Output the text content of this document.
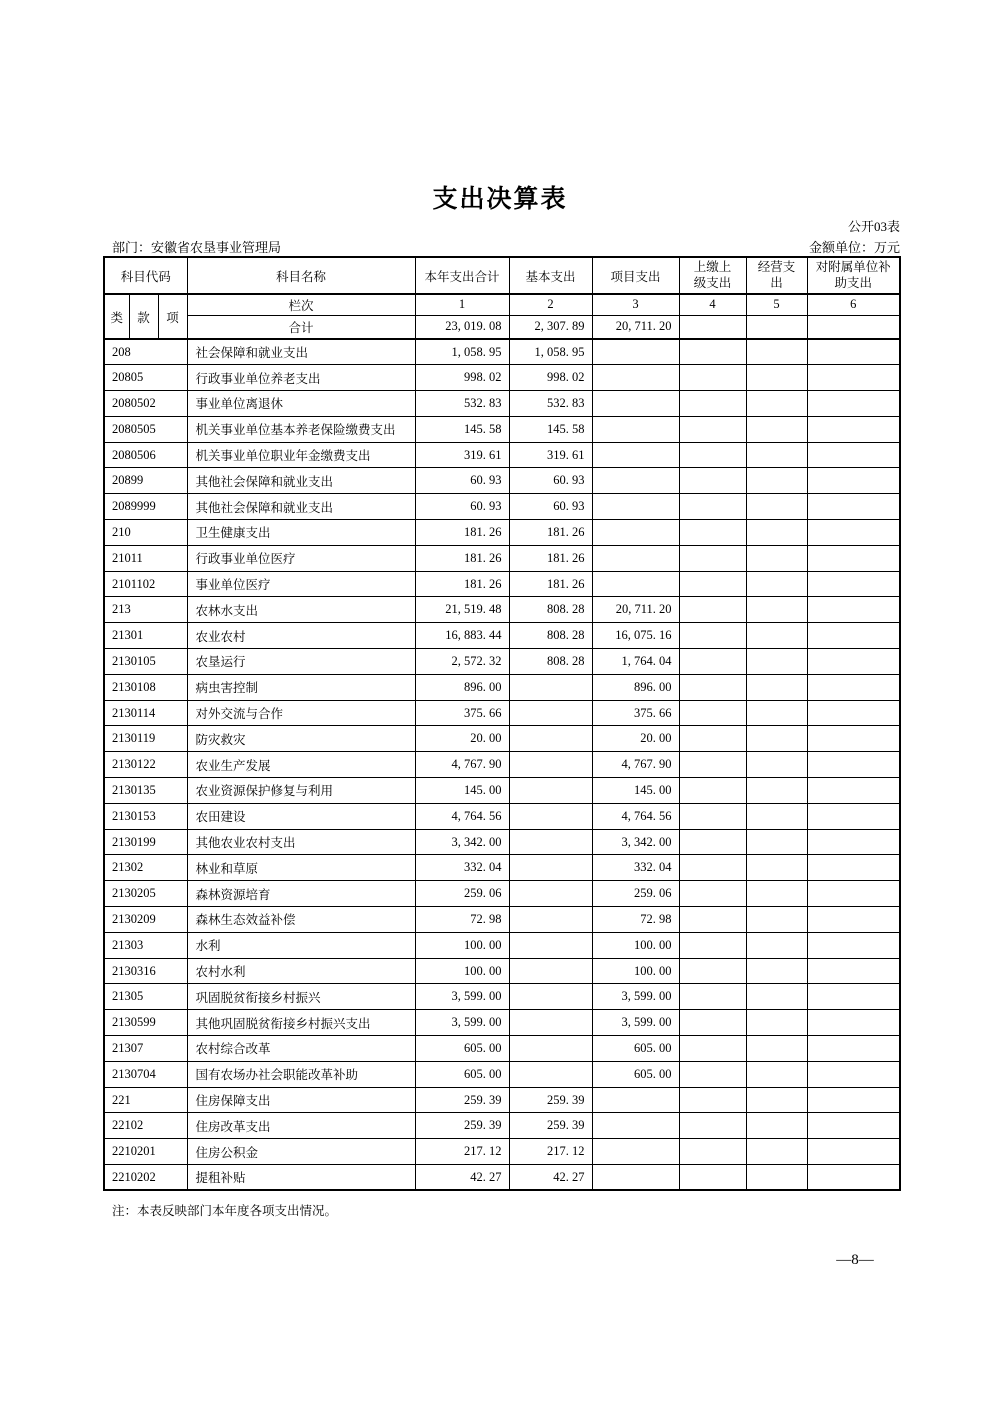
支出决算表
公开03表
部门：安徽省农垦事业管理局	金额单位：万元
科目代码			科目名称	本年支出合计	基本支出	项目支出	上缴上级支出	经营支出	对附属单位补助支出

类	款	项	栏次	1	2	3	4	5	6
			合计	23, 019. 08	2, 307. 89	20, 711. 20			
208			社会保障和就业支出	1, 058. 95	1, 058. 95				
20805			行政事业单位养老支出	998. 02	998. 02				
2080502			事业单位离退休	532. 83	532. 83				
2080505			机关事业单位基本养老保险缴费支出	145. 58	145. 58				
2080506			机关事业单位职业年金缴费支出	319. 61	319. 61				
20899			其他社会保障和就业支出	60. 93	60. 93				
2089999			其他社会保障和就业支出	60. 93	60. 93				
210			卫生健康支出	181. 26	181. 26				
21011			行政事业单位医疗	181. 26	181. 26				
2101102			事业单位医疗	181. 26	181. 26				
213			农林水支出	21, 519. 48	808. 28	20, 711. 20			
21301			农业农村	16, 883. 44	808. 28	16, 075. 16			
2130105			农垦运行	2, 572. 32	808. 28	1, 764. 04			
2130108			病虫害控制	896. 00		896. 00			
2130114			对外交流与合作	375. 66		375. 66			
2130119			防灾救灾	20. 00		20. 00			
2130122			农业生产发展	4, 767. 90		4, 767. 90			
2130135			农业资源保护修复与利用	145. 00		145. 00			
2130153			农田建设	4, 764. 56		4, 764. 56			
2130199			其他农业农村支出	3, 342. 00		3, 342. 00			
21302			林业和草原	332. 04		332. 04			
2130205			森林资源培育	259. 06		259. 06			
2130209			森林生态效益补偿	72. 98		72. 98			
21303			水利	100. 00		100. 00			
2130316			农村水利	100. 00		100. 00			
21305			巩固脱贫衔接乡村振兴	3, 599. 00		3, 599. 00			
2130599			其他巩固脱贫衔接乡村振兴支出	3, 599. 00		3, 599. 00			
21307			农村综合改革	605. 00		605. 00			
2130704			国有农场办社会职能改革补助	605. 00		605. 00			
221			住房保障支出	259. 39	259. 39				
22102			住房改革支出	259. 39	259. 39				
2210201			住房公积金	217. 12	217. 12				
2210202			提租补贴	42. 27	42. 27				
注：本表反映部门本年度各项支出情况。
—8—
